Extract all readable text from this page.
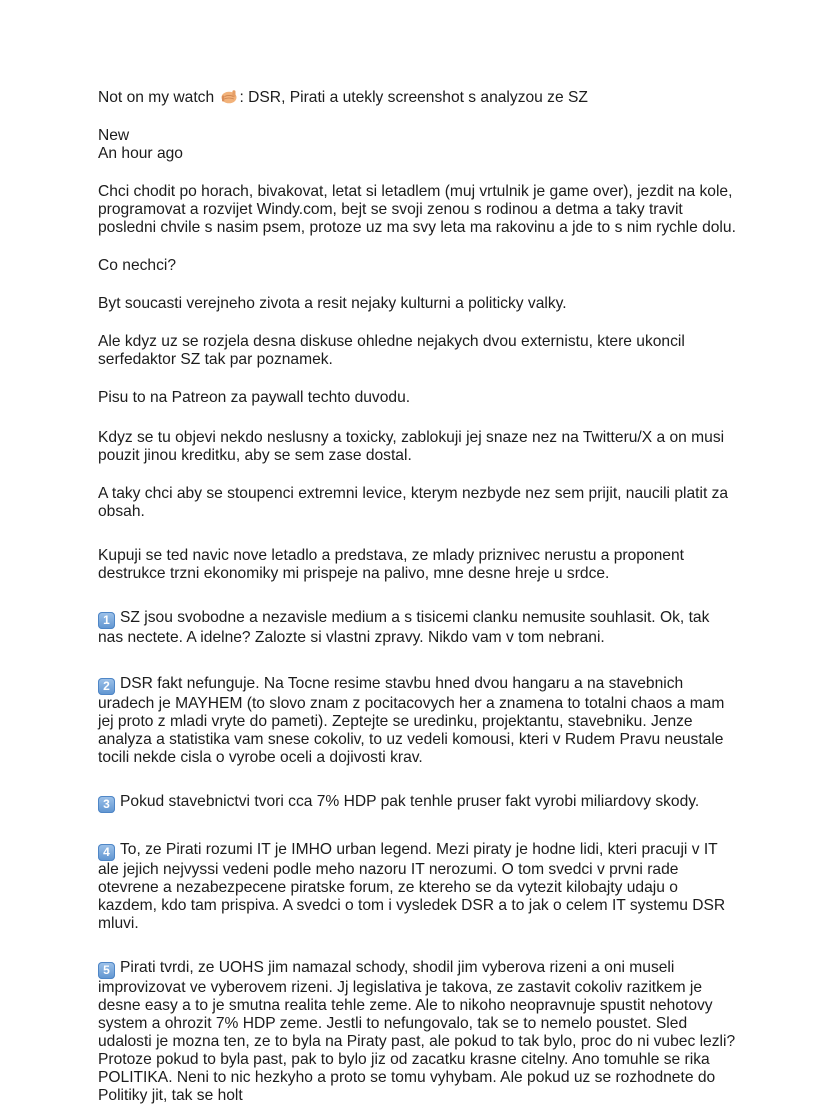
Not on my watch : DSR, Pirati a utekly screenshot s analyzou ze SZ

New
An hour ago

Chci chodit po horach, bivakovat, letat si letadlem (muj vrtulnik je game over), jezdit na kole, programovat a rozvijet Windy.com, bejt se svoji zenou s rodinou a detma a taky travit posledni chvile s nasim psem, protoze uz ma svy leta ma rakovinu a jde to s nim rychle dolu.

Co nechci?

Byt soucasti verejneho zivota a resit nejaky kulturni a politicky valky.

Ale kdyz uz se rozjela desna diskuse ohledne nejakych dvou externistu, ktere ukoncil serfedaktor SZ tak par poznamek.

Pisu to na Patreon za paywall techto duvodu.

Kdyz se tu objevi nekdo neslusny a toxicky, zablokuji jej snaze nez na Twitteru/X a on musi pouzit jinou kreditku, aby se sem zase dostal.

A taky chci aby se stoupenci extremni levice, kterym nezbyde nez sem prijit, naucili platit za obsah.

Kupuji se ted navic nove letadlo a predstava, ze mlady priznivec nerustu a proponent destrukce trzni ekonomiky mi prispeje na palivo, mne desne hreje u srdce.

1 SZ jsou svobodne a nezavisle medium a s tisicemi clanku nemusite souhlasit. Ok, tak nas nectete. A idelne? Zalozte si vlastni zpravy. Nikdo vam v tom nebrani.

2 DSR fakt nefunguje. Na Tocne resime stavbu hned dvou hangaru a na stavebnich uradech je MAYHEM (to slovo znam z pocitacovych her a znamena to totalni chaos a mam jej proto z mladi vryte do pameti). Zeptejte se uredinku, projektantu, stavebniku. Jenze analyza a statistika vam snese cokoliv, to uz vedeli komousi, kteri v Rudem Pravu neustale tocili nekde cisla o vyrobe oceli a dojivosti krav.

3 Pokud stavebnictvi tvori cca 7% HDP pak tenhle pruser fakt vyrobi miliardovy skody.

4 To, ze Pirati rozumi IT je IMHO urban legend. Mezi piraty je hodne lidi, kteri pracuji v IT ale jejich nejvyssi vedeni podle meho nazoru IT nerozumi. O tom svedci v prvni rade otevrene a nezabezpecene piratske forum, ze ktereho se da vytezit kilobajty udaju o kazdem, kdo tam prispiva. A svedci o tom i vysledek DSR a to jak o celem IT systemu DSR mluvi.

5 Pirati tvrdi, ze UOHS jim namazal schody, shodil jim vyberova rizeni a oni museli improvizovat ve vyberovem rizeni. Jj legislativa je takova, ze zastavit cokoliv razitkem je desne easy a to je smutna realita tehle zeme. Ale to nikoho neopravnuje spustit nehotovy system a ohrozit 7% HDP zeme. Jestli to nefungovalo, tak se to nemelo poustet. Sled udalosti je mozna ten, ze to byla na Piraty past, ale pokud to tak bylo, proc do ni vubec lezli? Protoze pokud to byla past, pak to bylo jiz od zacatku krasne citelny. Ano tomuhle se rika POLITIKA. Neni to nic hezkyho a proto se tomu vyhybam. Ale pokud uz se rozhodnete do Politiky jit, tak se holt
